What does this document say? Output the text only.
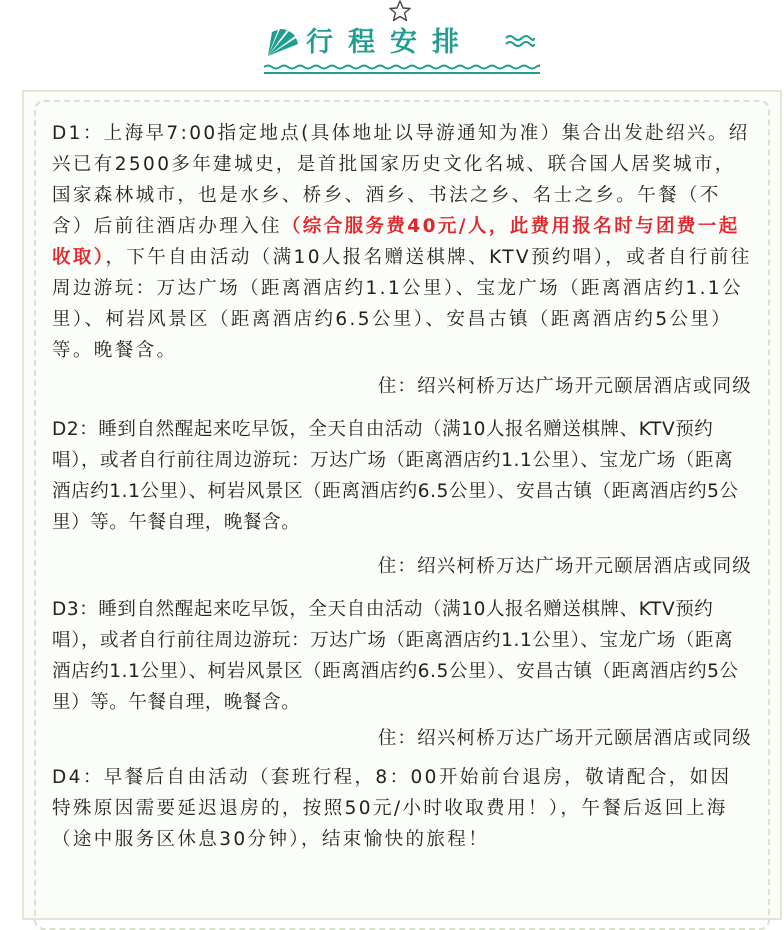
行程安排

D1：上海早7:00指定地点(具体地址以导游通知为准）集合出发赴绍兴。绍兴已有2500多年建城史，是首批国家历史文化名城、联合国人居奖城市，国家森林城市，也是水乡、桥乡、酒乡、书法之乡、名士之乡。午餐（不含）后前往酒店办理入住（综合服务费40元/人，此费用报名时与团费一起收取），下午自由活动（满10人报名赠送棋牌、KTV预约唱），或者自行前往周边游玩：万达广场（距离酒店约1.1公里）、宝龙广场（距离酒店约1.1公里）、柯岩风景区（距离酒店约6.5公里）、安昌古镇（距离酒店约5公里）等。晚餐含。

住：绍兴柯桥万达广场开元颐居酒店或同级

D2：睡到自然醒起来吃早饭，全天自由活动（满10人报名赠送棋牌、KTV预约唱），或者自行前往周边游玩：万达广场（距离酒店约1.1公里）、宝龙广场（距离酒店约1.1公里）、柯岩风景区（距离酒店约6.5公里）、安昌古镇（距离酒店约5公里）等。午餐自理，晚餐含。

住：绍兴柯桥万达广场开元颐居酒店或同级

D3：睡到自然醒起来吃早饭，全天自由活动（满10人报名赠送棋牌、KTV预约唱），或者自行前往周边游玩：万达广场（距离酒店约1.1公里）、宝龙广场（距离酒店约1.1公里）、柯岩风景区（距离酒店约6.5公里）、安昌古镇（距离酒店约5公里）等。午餐自理，晚餐含。

住：绍兴柯桥万达广场开元颐居酒店或同级

D4：早餐后自由活动（套班行程，8：00开始前台退房，敬请配合，如因特殊原因需要延迟退房的，按照50元/小时收取费用！），午餐后返回上海（途中服务区休息30分钟），结束愉快的旅程！
